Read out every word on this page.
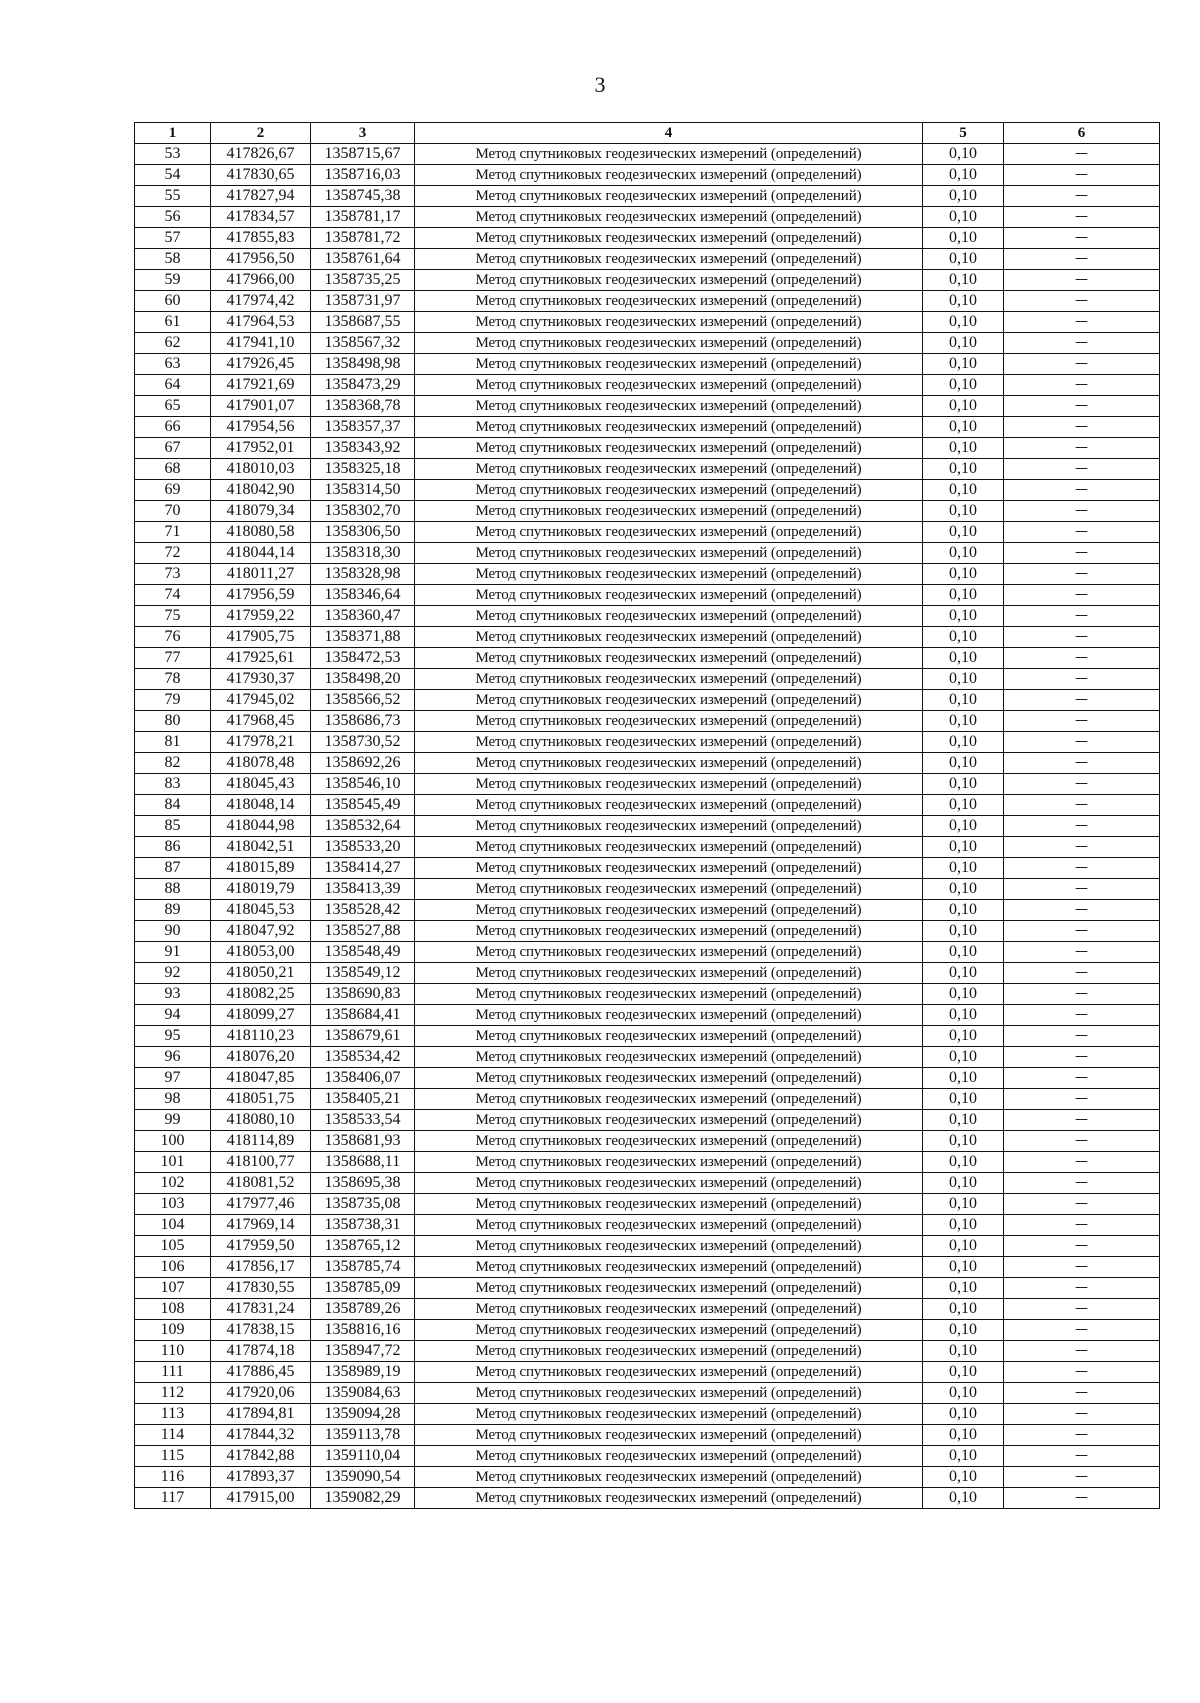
3
1	2	3	4	5	6
53	417826,67	1358715,67	Метод спутниковых геодезических измерений (определений)	0,10	—
54	417830,65	1358716,03	Метод спутниковых геодезических измерений (определений)	0,10	—
55	417827,94	1358745,38	Метод спутниковых геодезических измерений (определений)	0,10	—
56	417834,57	1358781,17	Метод спутниковых геодезических измерений (определений)	0,10	—
57	417855,83	1358781,72	Метод спутниковых геодезических измерений (определений)	0,10	—
58	417956,50	1358761,64	Метод спутниковых геодезических измерений (определений)	0,10	—
59	417966,00	1358735,25	Метод спутниковых геодезических измерений (определений)	0,10	—
60	417974,42	1358731,97	Метод спутниковых геодезических измерений (определений)	0,10	—
61	417964,53	1358687,55	Метод спутниковых геодезических измерений (определений)	0,10	—
62	417941,10	1358567,32	Метод спутниковых геодезических измерений (определений)	0,10	—
63	417926,45	1358498,98	Метод спутниковых геодезических измерений (определений)	0,10	—
64	417921,69	1358473,29	Метод спутниковых геодезических измерений (определений)	0,10	—
65	417901,07	1358368,78	Метод спутниковых геодезических измерений (определений)	0,10	—
66	417954,56	1358357,37	Метод спутниковых геодезических измерений (определений)	0,10	—
67	417952,01	1358343,92	Метод спутниковых геодезических измерений (определений)	0,10	—
68	418010,03	1358325,18	Метод спутниковых геодезических измерений (определений)	0,10	—
69	418042,90	1358314,50	Метод спутниковых геодезических измерений (определений)	0,10	—
70	418079,34	1358302,70	Метод спутниковых геодезических измерений (определений)	0,10	—
71	418080,58	1358306,50	Метод спутниковых геодезических измерений (определений)	0,10	—
72	418044,14	1358318,30	Метод спутниковых геодезических измерений (определений)	0,10	—
73	418011,27	1358328,98	Метод спутниковых геодезических измерений (определений)	0,10	—
74	417956,59	1358346,64	Метод спутниковых геодезических измерений (определений)	0,10	—
75	417959,22	1358360,47	Метод спутниковых геодезических измерений (определений)	0,10	—
76	417905,75	1358371,88	Метод спутниковых геодезических измерений (определений)	0,10	—
77	417925,61	1358472,53	Метод спутниковых геодезических измерений (определений)	0,10	—
78	417930,37	1358498,20	Метод спутниковых геодезических измерений (определений)	0,10	—
79	417945,02	1358566,52	Метод спутниковых геодезических измерений (определений)	0,10	—
80	417968,45	1358686,73	Метод спутниковых геодезических измерений (определений)	0,10	—
81	417978,21	1358730,52	Метод спутниковых геодезических измерений (определений)	0,10	—
82	418078,48	1358692,26	Метод спутниковых геодезических измерений (определений)	0,10	—
83	418045,43	1358546,10	Метод спутниковых геодезических измерений (определений)	0,10	—
84	418048,14	1358545,49	Метод спутниковых геодезических измерений (определений)	0,10	—
85	418044,98	1358532,64	Метод спутниковых геодезических измерений (определений)	0,10	—
86	418042,51	1358533,20	Метод спутниковых геодезических измерений (определений)	0,10	—
87	418015,89	1358414,27	Метод спутниковых геодезических измерений (определений)	0,10	—
88	418019,79	1358413,39	Метод спутниковых геодезических измерений (определений)	0,10	—
89	418045,53	1358528,42	Метод спутниковых геодезических измерений (определений)	0,10	—
90	418047,92	1358527,88	Метод спутниковых геодезических измерений (определений)	0,10	—
91	418053,00	1358548,49	Метод спутниковых геодезических измерений (определений)	0,10	—
92	418050,21	1358549,12	Метод спутниковых геодезических измерений (определений)	0,10	—
93	418082,25	1358690,83	Метод спутниковых геодезических измерений (определений)	0,10	—
94	418099,27	1358684,41	Метод спутниковых геодезических измерений (определений)	0,10	—
95	418110,23	1358679,61	Метод спутниковых геодезических измерений (определений)	0,10	—
96	418076,20	1358534,42	Метод спутниковых геодезических измерений (определений)	0,10	—
97	418047,85	1358406,07	Метод спутниковых геодезических измерений (определений)	0,10	—
98	418051,75	1358405,21	Метод спутниковых геодезических измерений (определений)	0,10	—
99	418080,10	1358533,54	Метод спутниковых геодезических измерений (определений)	0,10	—
100	418114,89	1358681,93	Метод спутниковых геодезических измерений (определений)	0,10	—
101	418100,77	1358688,11	Метод спутниковых геодезических измерений (определений)	0,10	—
102	418081,52	1358695,38	Метод спутниковых геодезических измерений (определений)	0,10	—
103	417977,46	1358735,08	Метод спутниковых геодезических измерений (определений)	0,10	—
104	417969,14	1358738,31	Метод спутниковых геодезических измерений (определений)	0,10	—
105	417959,50	1358765,12	Метод спутниковых геодезических измерений (определений)	0,10	—
106	417856,17	1358785,74	Метод спутниковых геодезических измерений (определений)	0,10	—
107	417830,55	1358785,09	Метод спутниковых геодезических измерений (определений)	0,10	—
108	417831,24	1358789,26	Метод спутниковых геодезических измерений (определений)	0,10	—
109	417838,15	1358816,16	Метод спутниковых геодезических измерений (определений)	0,10	—
110	417874,18	1358947,72	Метод спутниковых геодезических измерений (определений)	0,10	—
111	417886,45	1358989,19	Метод спутниковых геодезических измерений (определений)	0,10	—
112	417920,06	1359084,63	Метод спутниковых геодезических измерений (определений)	0,10	—
113	417894,81	1359094,28	Метод спутниковых геодезических измерений (определений)	0,10	—
114	417844,32	1359113,78	Метод спутниковых геодезических измерений (определений)	0,10	—
115	417842,88	1359110,04	Метод спутниковых геодезических измерений (определений)	0,10	—
116	417893,37	1359090,54	Метод спутниковых геодезических измерений (определений)	0,10	—
117	417915,00	1359082,29	Метод спутниковых геодезических измерений (определений)	0,10	—
